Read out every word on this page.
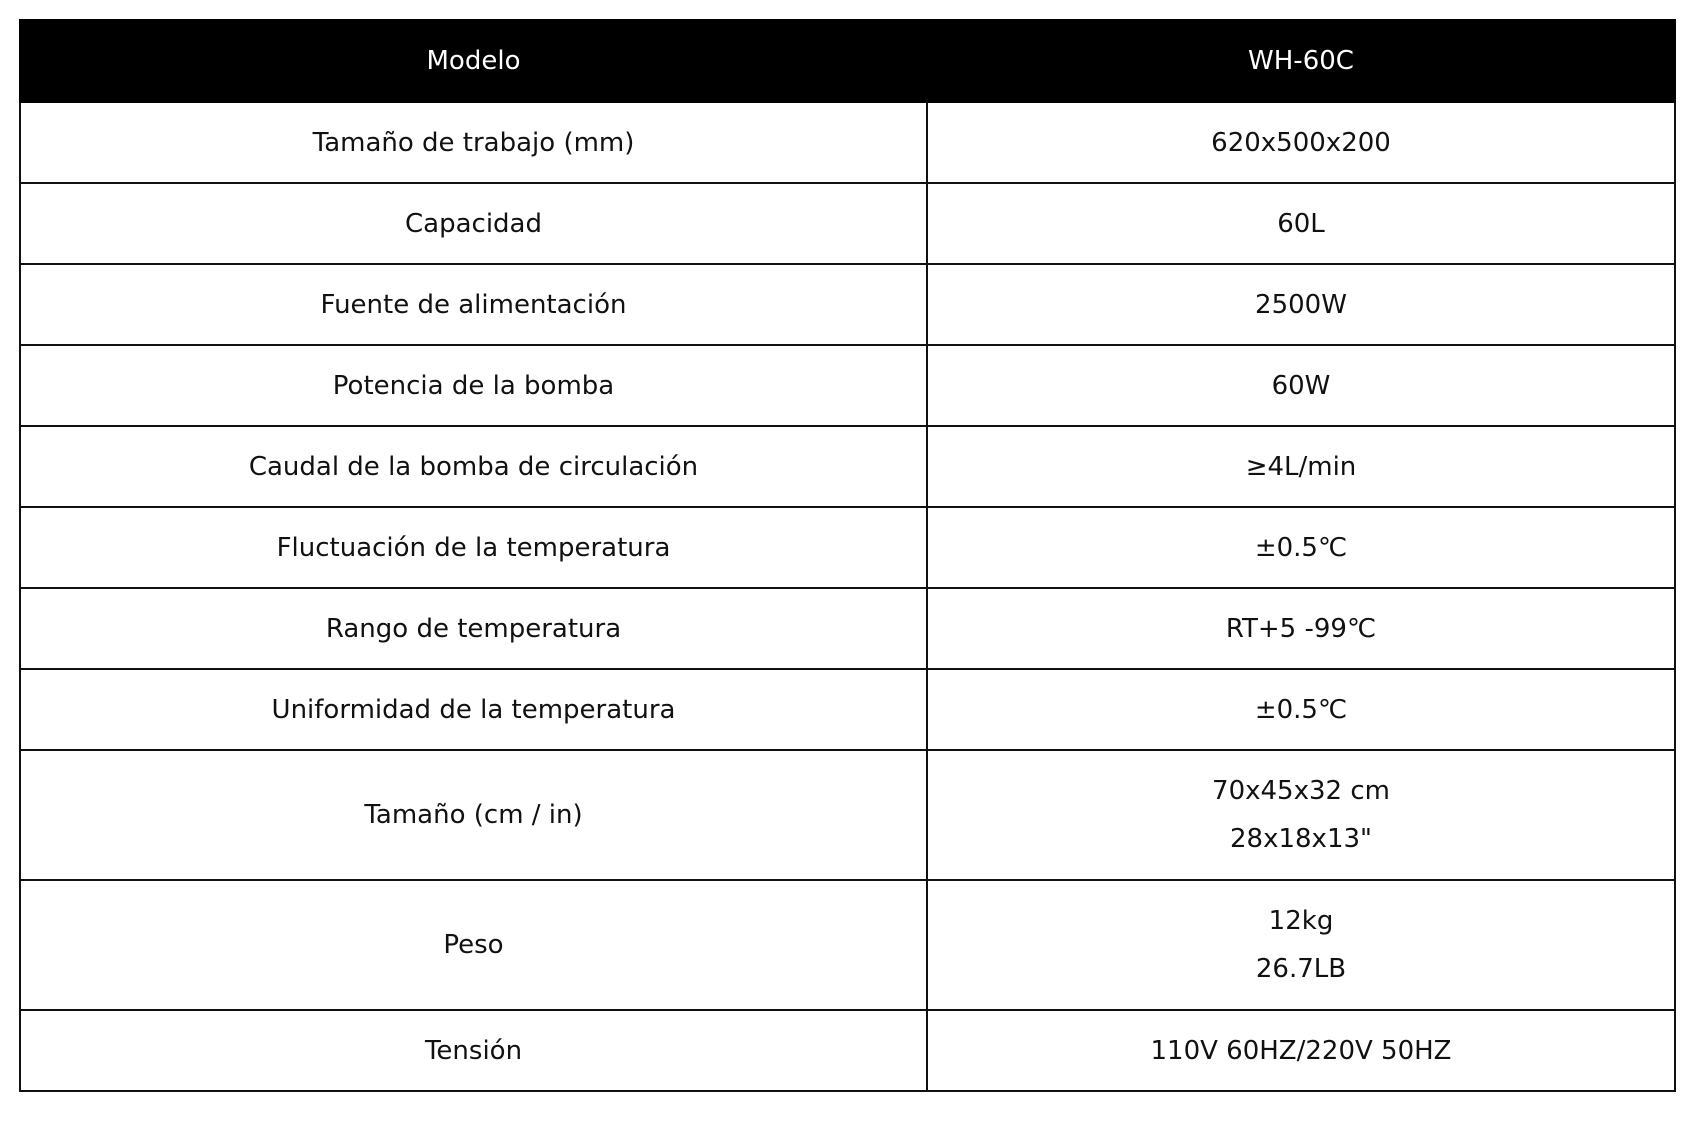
Modelo	WH-60C
Tamaño de trabajo (mm)	620x500x200

Capacidad	60L

Fuente de alimentación	2500W

Potencia de la bomba	60W

Caudal de la bomba de circulación	≥4L/min

Fluctuación de la temperatura	±0.5℃

Rango de temperatura	RT+5 -99℃

Uniformidad de la temperatura	±0.5℃

Tamaño (cm / in)	70x45x32 cm
28x18x13"

Peso	12kg
26.7LB

Tensión	110V 60HZ/220V 50HZ
